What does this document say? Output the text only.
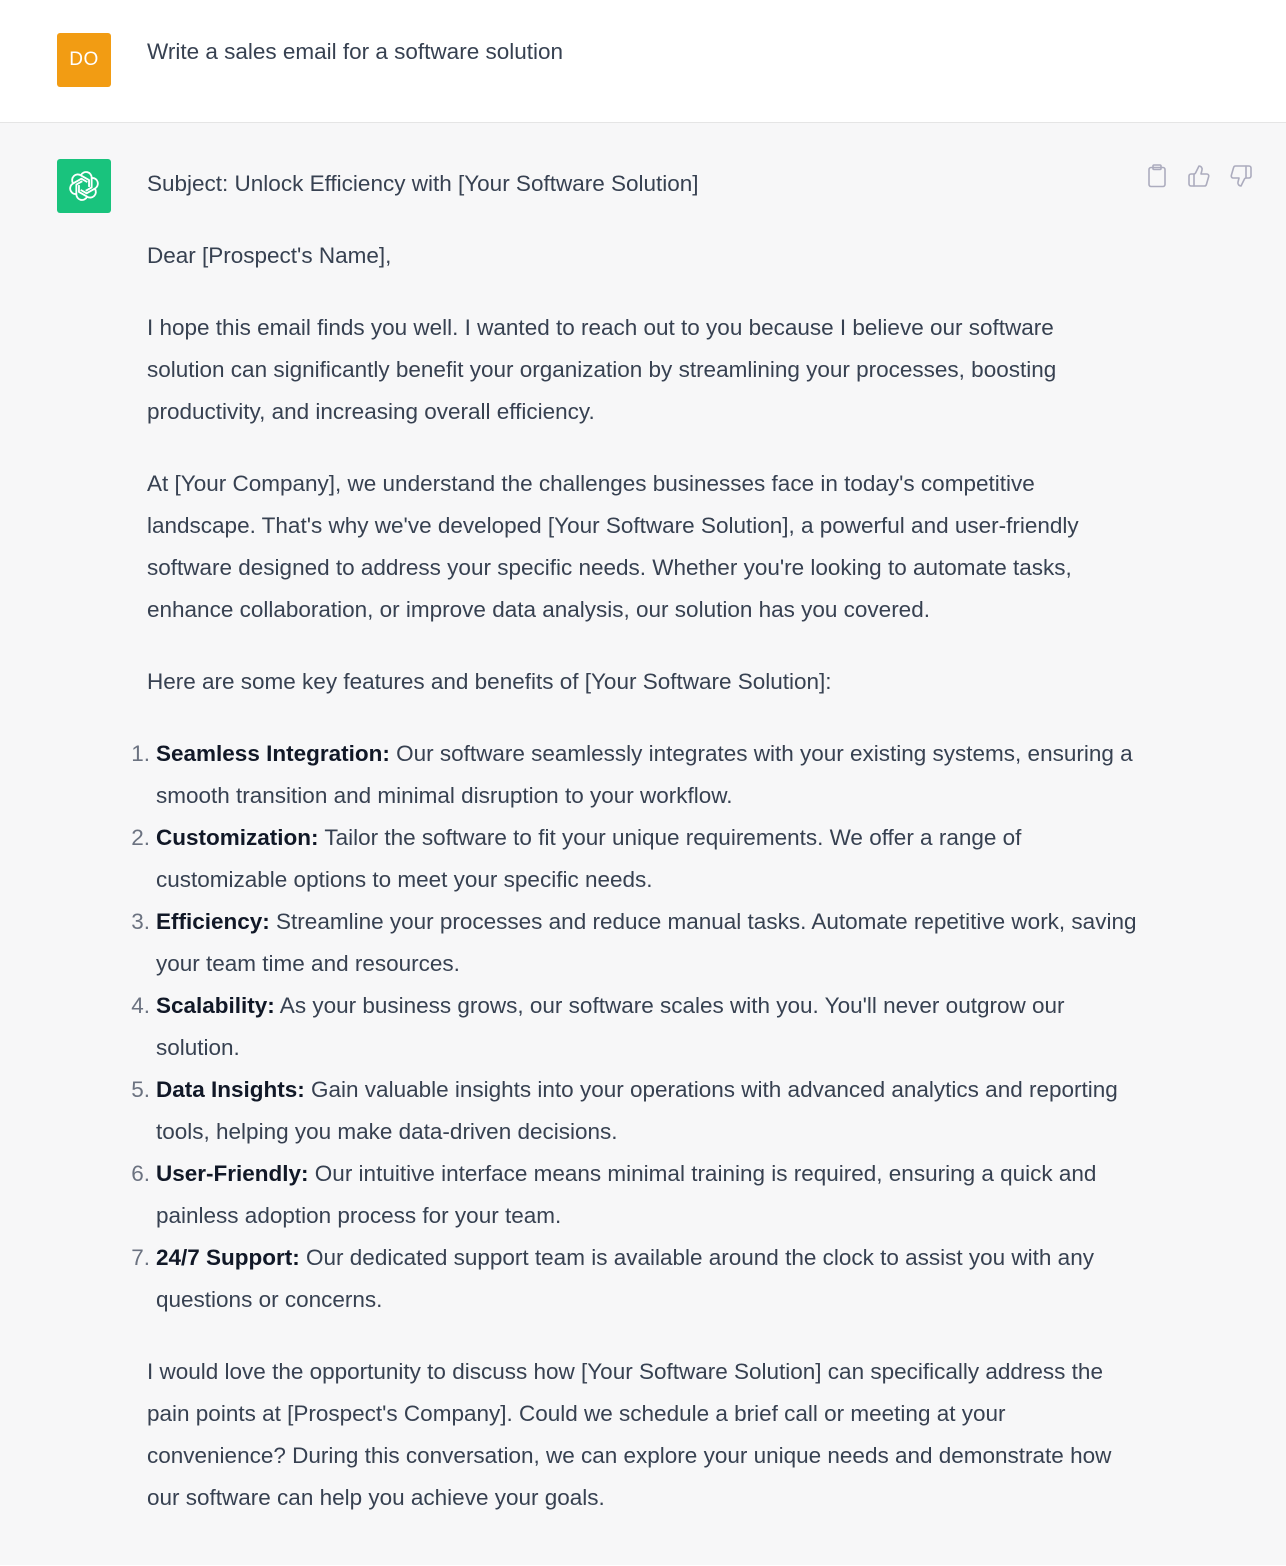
DO Write a sales email for a software solution

Subject: Unlock Efficiency with [Your Software Solution]

Dear [Prospect's Name],

I hope this email finds you well. I wanted to reach out to you because I believe our software solution can significantly benefit your organization by streamlining your processes, boosting productivity, and increasing overall efficiency.

At [Your Company], we understand the challenges businesses face in today's competitive landscape. That's why we've developed [Your Software Solution], a powerful and user-friendly software designed to address your specific needs. Whether you're looking to automate tasks, enhance collaboration, or improve data analysis, our solution has you covered.

Here are some key features and benefits of [Your Software Solution]:

1. Seamless Integration: Our software seamlessly integrates with your existing systems, ensuring a smooth transition and minimal disruption to your workflow.
2. Customization: Tailor the software to fit your unique requirements. We offer a range of customizable options to meet your specific needs.
3. Efficiency: Streamline your processes and reduce manual tasks. Automate repetitive work, saving your team time and resources.
4. Scalability: As your business grows, our software scales with you. You'll never outgrow our solution.
5. Data Insights: Gain valuable insights into your operations with advanced analytics and reporting tools, helping you make data-driven decisions.
6. User-Friendly: Our intuitive interface means minimal training is required, ensuring a quick and painless adoption process for your team.
7. 24/7 Support: Our dedicated support team is available around the clock to assist you with any questions or concerns.

I would love the opportunity to discuss how [Your Software Solution] can specifically address the pain points at [Prospect's Company]. Could we schedule a brief call or meeting at your convenience? During this conversation, we can explore your unique needs and demonstrate how our software can help you achieve your goals.
